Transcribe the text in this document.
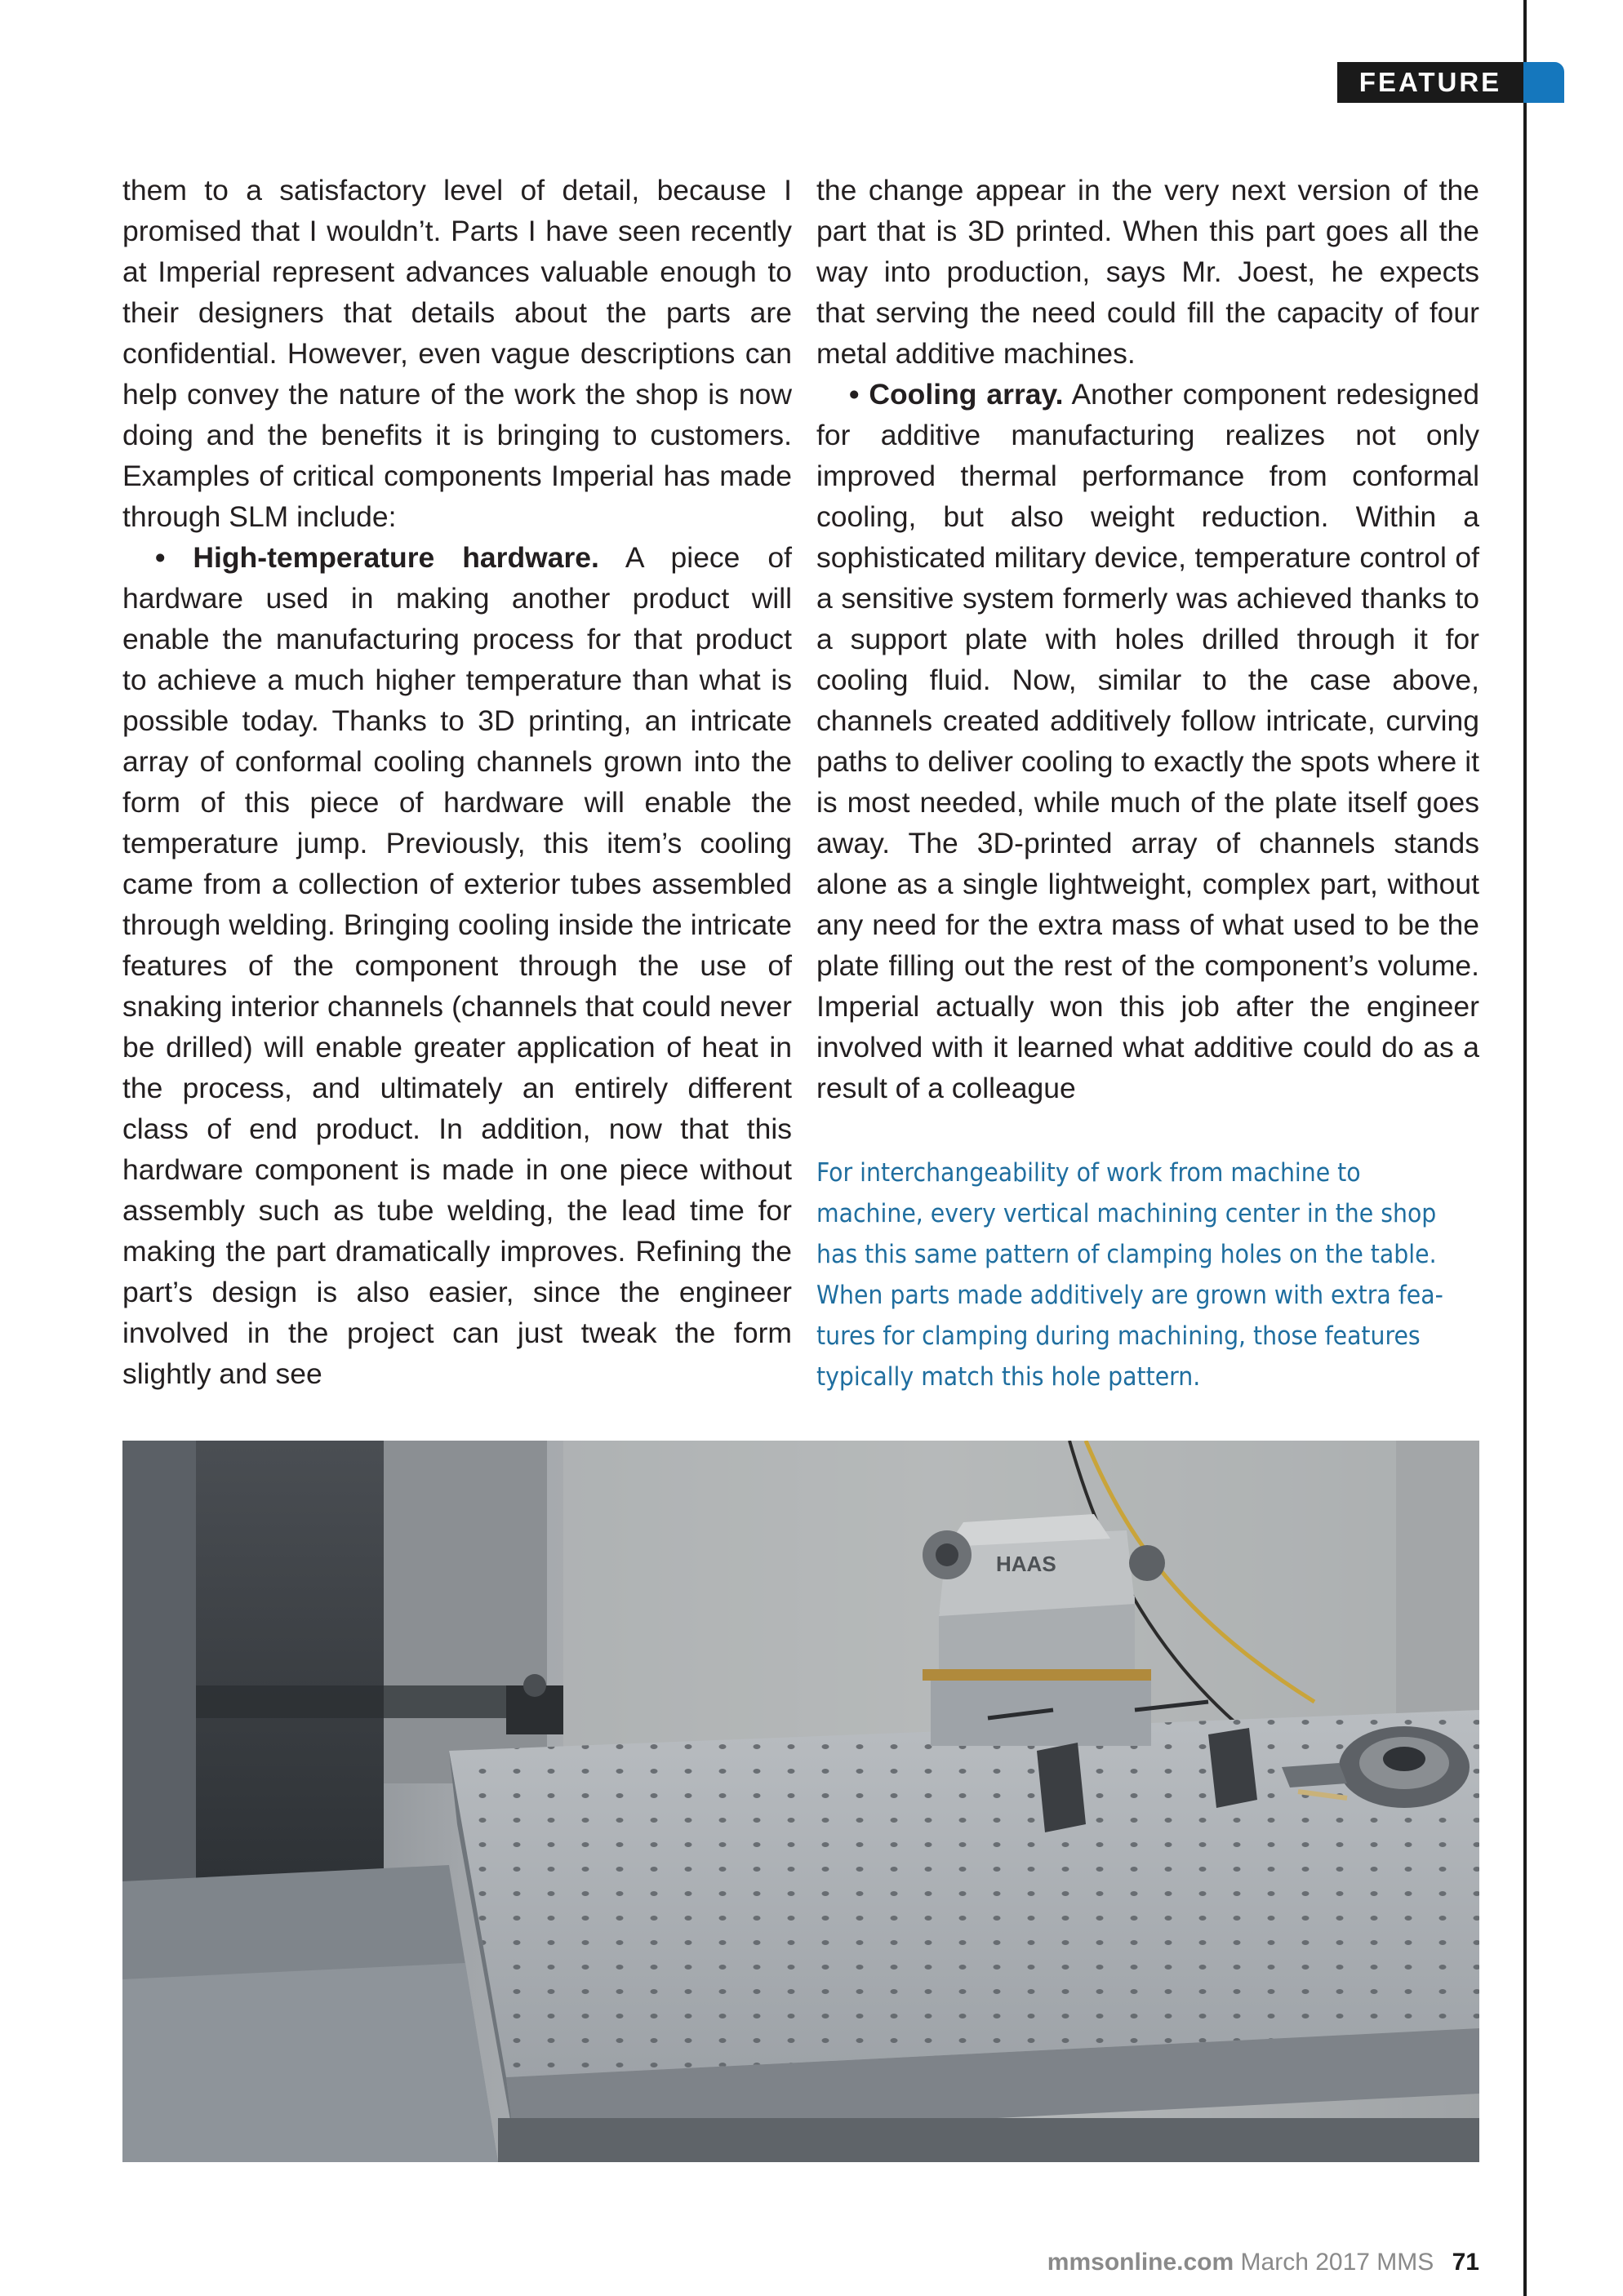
FEATURE

them to a satisfactory level of detail, because I promised that I wouldn’t. Parts I have seen recently at Imperial represent advances valuable enough to their designers that details about the parts are confidential. However, even vague descriptions can help convey the nature of the work the shop is now doing and the benefits it is bringing to customers. Examples of critical components Imperial has made through SLM include:

• High-temperature hardware. A piece of hardware used in making another product will enable the manufacturing process for that product to achieve a much higher temperature than what is possible today. Thanks to 3D printing, an intricate array of conformal cooling channels grown into the form of this piece of hardware will enable the temperature jump. Previously, this item’s cooling came from a collection of exterior tubes assembled through welding. Bringing cooling inside the intricate features of the component through the use of snaking interior channels (channels that could never be drilled) will enable greater application of heat in the process, and ultimately an entirely different class of end product. In addition, now that this hardware component is made in one piece without assembly such as tube welding, the lead time for making the part dramatically improves. Refining the part’s design is also easier, since the engineer involved in the project can just tweak the form slightly and see

the change appear in the very next version of the part that is 3D printed. When this part goes all the way into production, says Mr. Joest, he expects that serving the need could fill the capacity of four metal additive machines.

• Cooling array. Another component redesigned for additive manufacturing realizes not only improved thermal performance from conformal cooling, but also weight reduction. Within a sophisticated military device, temperature control of a sensitive system formerly was achieved thanks to a support plate with holes drilled through it for cooling fluid. Now, similar to the case above, channels created additively follow intricate, curving paths to deliver cooling to exactly the spots where it is most needed, while much of the plate itself goes away. The 3D-printed array of channels stands alone as a single lightweight, complex part, without any need for the extra mass of what used to be the plate filling out the rest of the component’s volume. Imperial actually won this job after the engineer involved with it learned what additive could do as a result of a colleague

For interchangeability of work from machine to
machine, every vertical machining center in the shop
has this same pattern of clamping holes on the table.
When parts made additively are grown with extra fea-
tures for clamping during machining, those features
typically match this hole pattern.
HAAS
mmsonline.com March 2017 MMS 71
